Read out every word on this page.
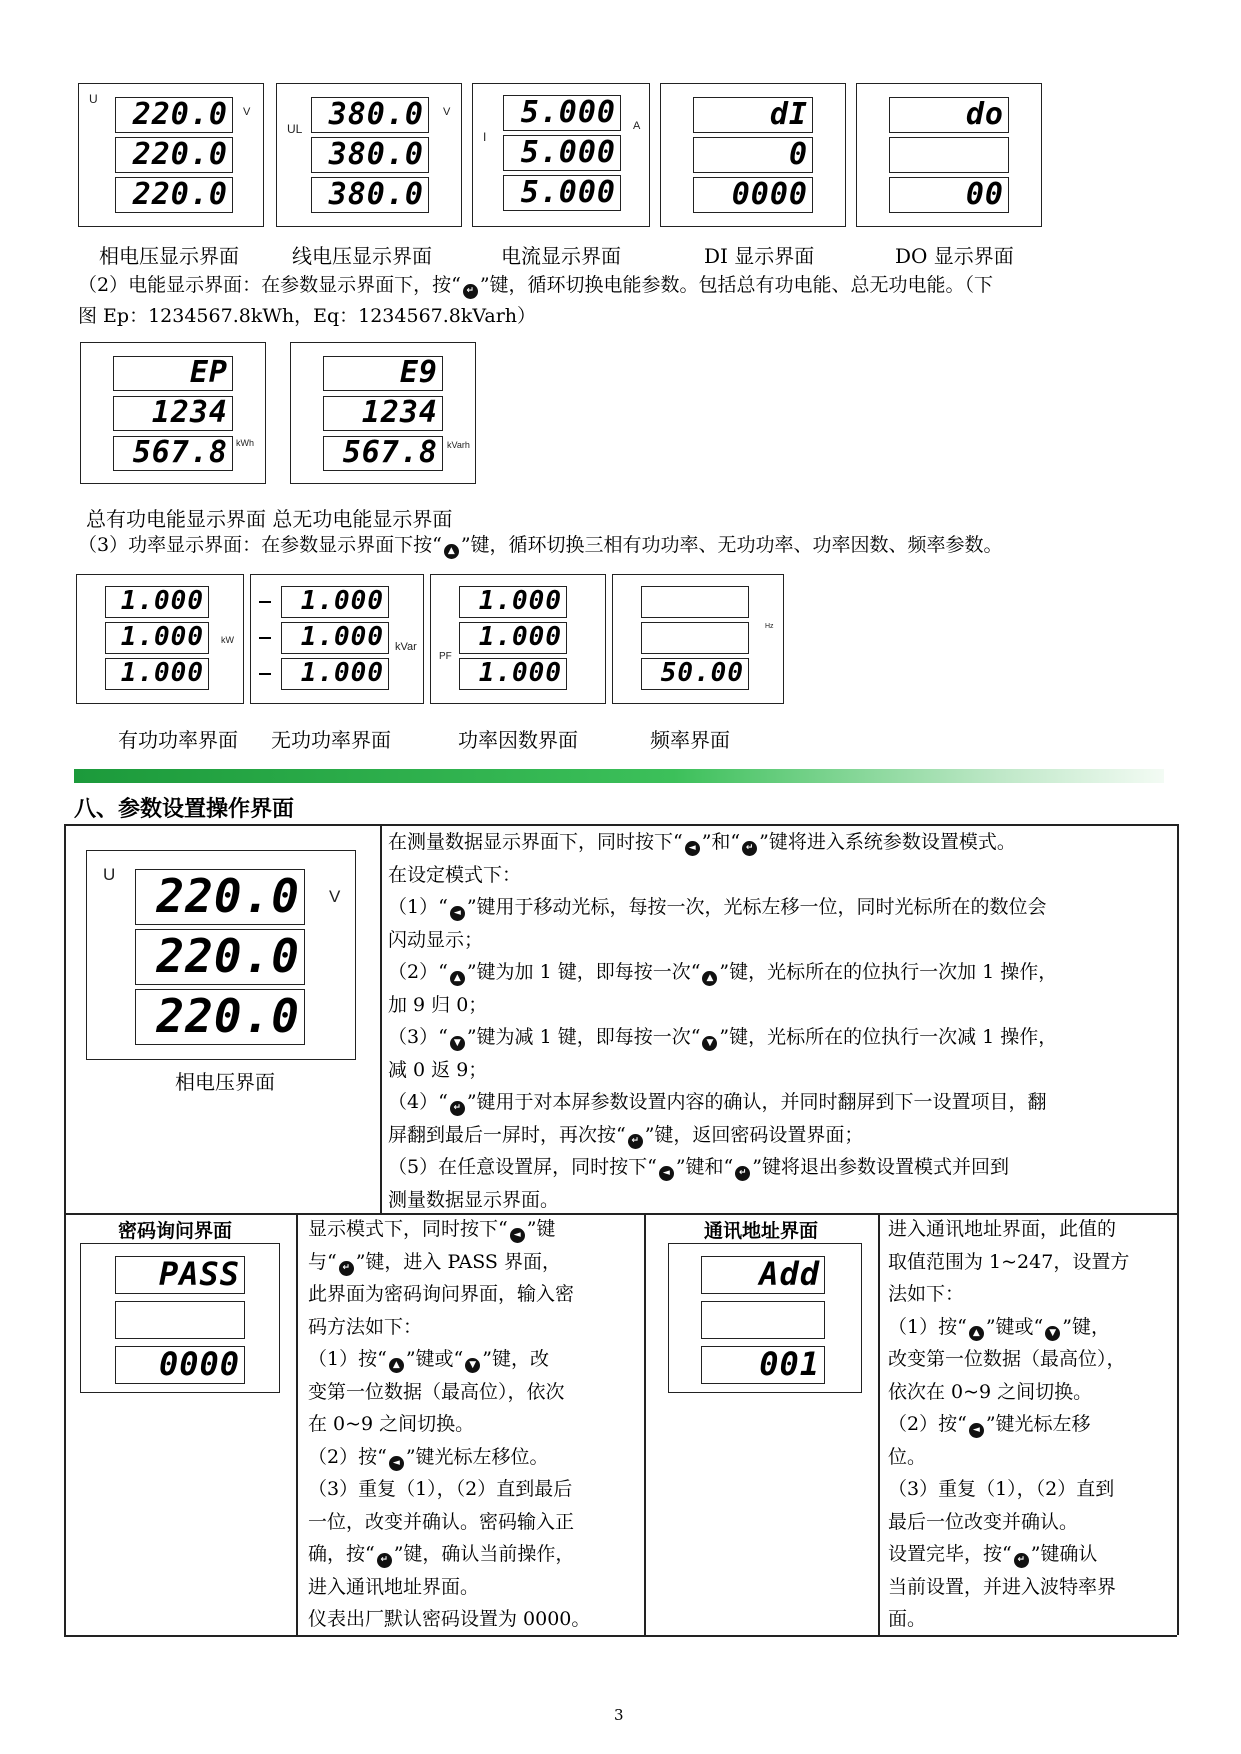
U
V
220.0
220.0
220.0
相电压显示界面
UL
V
380.0
380.0
380.0
线电压显示界面
I
A
5.000
5.000
5.000
电流显示界面
dI
0
0000
DI 显示界面
do
00
DO 显示界面
（2）电能显示界面：在参数显示界面下，按“ ↵ ”键，循环切换电能参数。包括总有功电能、总无功电能。（下
图 Ep：1234567.8kWh，Eq：1234567.8kVarh）
kWh
EP
1234
567.8	kVarh
E9
1234
567.8
总有功电能显示界面 总无功电能显示界面
（3）功率显示界面：在参数显示界面下按“ ▲ ”键，循环切换三相有功功率、无功功率、功率因数、频率参数。
kW
1.000
1.000
1.000
有功功率界面
kVar
1.000
1.000
1.000
无功功率界面
PF
1.000
1.000
1.000
功率因数界面
Hz
50.00
频率界面
八、参数设置操作界面
U
V
220.0
220.0
220.0
相电压界面

在测量数据显示界面下，同时按下“ ◄ ”和“ ↵ ”键将进入系统参数设置模式。

在设定模式下：

（1）“ ◄ ”键用于移动光标，每按一次，光标左移一位，同时光标所在的数位会

闪动显示；

（2）“ ▲ ”键为加 1 键，即每按一次“ ▲ ”键，光标所在的位执行一次加 1 操作，

加 9 归 0；

（3）“ ▼ ”键为减 1 键，即每按一次“ ▼ ”键，光标所在的位执行一次减 1 操作，

减 0 返 9；

（4）“ ↵ ”键用于对本屏参数设置内容的确认，并同时翻屏到下一设置项目，翻

屏翻到最后一屏时，再次按“ ↵ ”键，返回密码设置界面；

（5）在任意设置屏，同时按下“ ◄ ”键和“ ↵ ”键将退出参数设置模式并回到

测量数据显示界面。

密码询问界面
PASS
0000

显示模式下，同时按下“ ◄ ”键

与“ ↵ ”键，进入 PASS 界面，

此界面为密码询问界面，输入密

码方法如下：

（1）按“ ▲ ”键或“ ▼ ”键，改

变第一位数据（最高位），依次

在 0~9 之间切换。

（2）按“ ◄ ”键光标左移位。

（3）重复（1），（2）直到最后

一位，改变并确认。密码输入正

确，按“ ↵ ”键，确认当前操作，

进入通讯地址界面。

仪表出厂默认密码设置为 0000。

通讯地址界面
Add
001

进入通讯地址界面，此值的

取值范围为 1~247，设置方

法如下：

（1）按“ ▲ ”键或“ ▼ ”键，

改变第一位数据（最高位），

依次在 0~9 之间切换。

（2）按“ ◄ ”键光标左移

位。

（3）重复（1），（2）直到

最后一位改变并确认。

设置完毕，按“ ↵ ”键确认

当前设置，并进入波特率界

面。

3
